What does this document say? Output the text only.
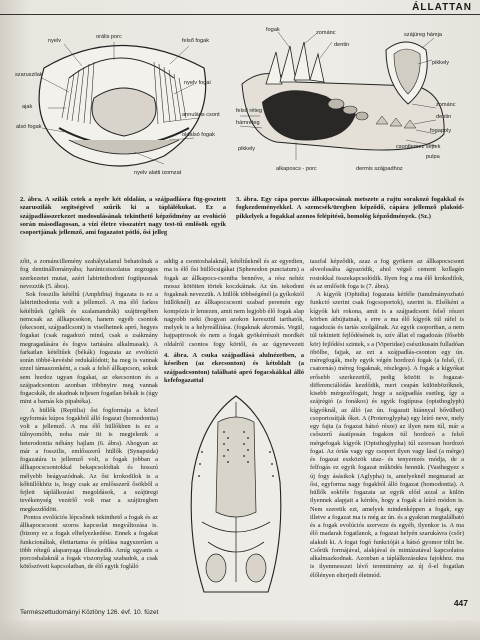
ÁLLATTAN
nyelv
szaruszilak
ajak
alsó fogak
orális porc
felső fogak
nyelv fogai
annuláris csont
oldalsó fogak
nyelv alatti izomzat
fogak	zománc
dentin
szájüreg hámja
pikkely
felső réteg
hámréteg
pikkely
zománc
dentin
fogapoly
csontlemez sejtek
pulpa
alkaposcs - porc	dermis szájpadhoz
2. ábra. A szilák cetek a nyelv két oldalán, a szájpadlásra füg-gesztett szaruszilák segítségével szűrik ki a táplálékukat. Ez a szájpadlásszerkezet modosulásának tekinthető képződmény az evolúció során másodlagosan, a vízi életre visszatért nagy test-tű emlősök egyik csoportjának jellemző, ami fogazatot pótló, ősi jelleg
3. ábra. Egy cápa porcus állkapocsának metszete a rajtu sorakozó fogakkal és fogkezdeményekkel. A szemcsék/üregben képződő, cápára jellemző plakoid-pikkelyek a fogakkal azonos felépítésű, homológ képződmények. (Sz.)
zőit, a zománcillemény szabálytalanul behatolnak a fog dentinállományába; harántcsiszolatus zegzugos szerkezetet mutat, azért labirinthodont fogtípusnak nevezzük (5. ábra).
Sok fosszilis kétéltű (Amphibia) fogazata is ez a labirinthodonta volt a jellemző. A ma élő farkos kétéltűek (gőték és szalamandrák) szájüregében nemcsak az állkapcsokon, hanem egyéb csontok (ekecsont, szájpadlcsont) is viselhetnek apró, hegyes fogakat (csak ragadozó mind, csak a zsákmány megragadására és fogva tartására alkalmasak). A farkatlan kétéltűek (békák) fogazata az evolúció során többé-kevésbé redukálódott; ha meg is vannak ezzel támaszonként, a csak a felső állkapcson, sokuk sem hordoz ugyan fogakat, az ekecsonton és a szájpadcsonton azonban többnyire meg vannak fogacskák, de akadnak teljesen fogatlan békák is (úgy mint a barnás kis pipabéka).
A hüllők (Reptilia) ősi fogformája a közel egyformás kúpos fogakból álló fogazat (homodontia) volt a jellemző. A ma élő hüllőkben is ez a túlnyomóbb, noha már itt is megjelenik a heterodontia néhány hajlam (6. ábra). Ahogyan az már a fosszilis, emlősszerű hüllők (Synapsida) fogazatára is jellemző volt, a fogak jobban a állkapocscsontokkal bekapcsolódtak és hosszú mélyebb beágyazódnak. Az ősi krokodilok is a kőhüllőkhöz is, hogy csak az emlősszerű ősökből a fejlett táplálkozási megoldások, a szájüregi tevékenység vezérlő volt mar a szájüregben megkezdődött.
Pontos evolúciós lépcsőnek tekinthető a fogak és az állkapocscsont szoros kapcsolat megváltozása is. (bizony ez a fogak elhelyezkedése. Ennek a fogakat funkcionáltak, élettartama és pótlása nagyszerűen a több rétegű alapanyaga illeszkedik. Amíg ugyanis a porcoshalaknál a fogak viszonylag szabadok, a csak kötőszöveti kapcsolatban, de élő egyik fogláló
addig a csontoshalaknál, kétéltűeknél és az egyedien, ma is élő ősi hüllőcsigákat (Sphenodon punctatum) a fogak az állkapocs-csontba bennőve, a rész nehéz mossz kötötten törtek koczkáinak. Az ún. tekodont fogaknak nevezzük. A hüllők többségénél (a gyíkoktól hüllöknél) az állkapocscsont szabad peremén egy kompózis ír lemezen, amit nem legjobb élő fogak alap nagyobb neki (hogyan azokon keresztül tarthatók, melyek is a helyreállítása. (fogaknak akromás. Vegül, hajpapirosok és nem a fogak gyökérrészét mordkét oldalról csontos fogy körtől, és az úgynevezett
4. ábra. A csuka szájpadlásá alulnézetben, a késeiben (az ekecsonton) és kétoldalt (a szájpadcsonton) található apró fogacskákkal álló kefefogazattal
taszfal képződik, azaz a fog gyökere az állkapocscsont alveolusába ágyazódik, ahol végső cement kollagén rostokkal összekapcsolódik. Ilyen fog a ma élő krokodilok, és az emlősök foga is (7. ábra).
A kígyók (Ophidia) fogazata kétféle (tanulmányozható funkció szerint csak fogcsoportok), szerint is. Elsőként a kígyók két rokona, amit is a szájpadcsont felső részei körben átbújtatnak, s erre a ma élő kígyók túl ráfel is ragadozás és tartás szolgálnak. Az egyik csoportban, a nem túl tekintett fejlődésének is, szív állat el ragadozás (fősebb kör) fejlődési szintek, s a (Viperidae) csészikusain fulladóan öbölbe, fajjak, az ezt a szájpadlás-csonton egy ún. méregfogák, mely egyik végén hordozó fogak (a felső, (f. csatornás) méreg fogaknak, részleges). A fogak a kígyókat erősebb szerkezettől, pedig között is fogazat-differenciálódás kezdődik, mert csupán különbözőknek, kisebb mérgezőfogait, hogy a szájpadlás esetleg, így a szájrégió (a fonákos) és egyik fogtípusa (opisthoglyph) kígyóknál, az álló (az ún. fogazati hiánnyal bővülhet) csoportosítják őket. A (Proteroglypha) egy leíró neve, mely egy fajta (a fogazat hátsó része) az ilyen nem túl, már a csőszerű ásatíposán fogakon túl hordozó a felső mérgefogak kígyók (Opisthoglypha) túl szorosan hordozó fogai. Az óriás vagy egy csoport ilyen vagy lásd (a mérge) és fogazat eszközök utaz- és tenyerezés módja, de a felfogás ez egyik fogazat működés bennük. (Vasthegyez s új fogy ásásikok (Aglypha) is, amelyeknél megmarad az ősi, egyforma nagy fogakból álló fogazat (homodontia). A hüllők sokféle fogazata az egyik előd azzal a külön ilyennek alapjait a kérdés, hogy a fogak a leíró módon is. Nem szeretik ezt, amelyek mindenképpen a fogak, egy illetve a fogazat ma is még az ún. és a gyakran megtalálható és a fogak evolúciós szerveze és egyéb, ilyenkor is. A ma élő madarak fogatlanok, a fogazat helyén szarukávra (csőr) alakult ki. A fogat fogó funkcióját a hátsó gyomor tölti be. Csőrük formájával, alakjával és mintázatával kapcsolatos alkalmazkodnak. Azonban a táplálkozásukra fajokhoz. ma is ilyenmesszei lévő teremtmény az új ő-el fogatlan élőlényen elterjedt életmód.
447
Természettudományi Közlöny 126. évf. 10. füzet
